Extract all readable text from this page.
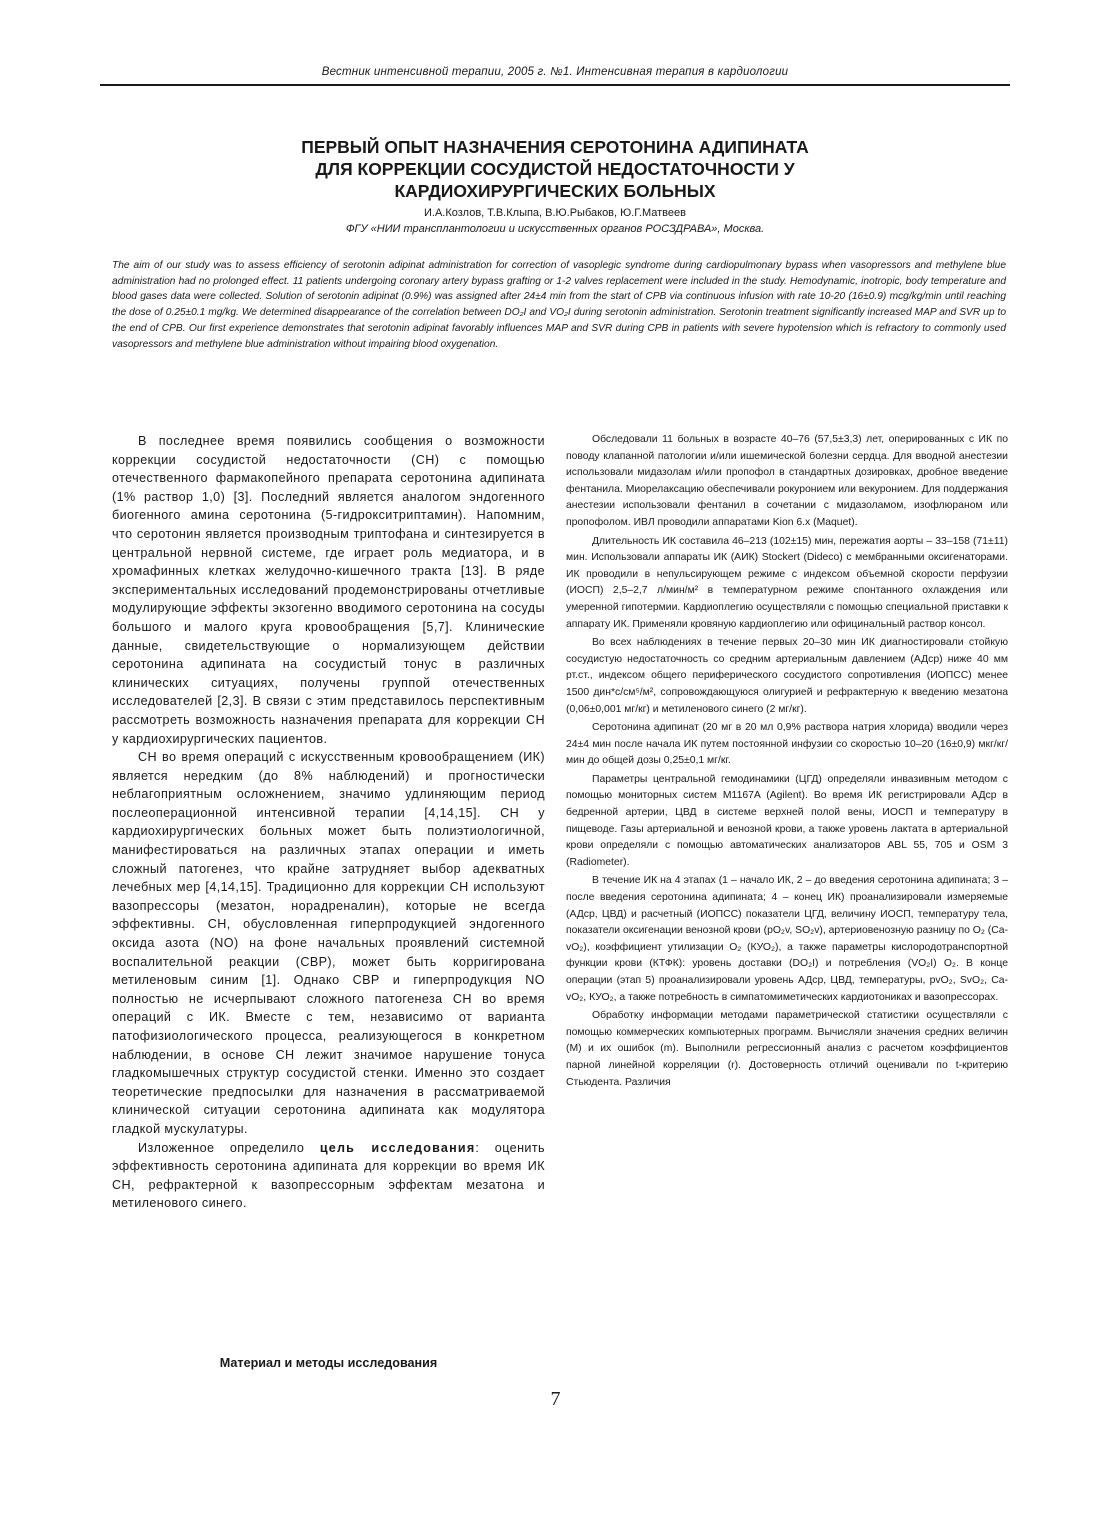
Вестник интенсивной терапии, 2005 г. №1. Интенсивная терапия в кардиологии
ПЕРВЫЙ ОПЫТ НАЗНАЧЕНИЯ СЕРОТОНИНА АДИПИНАТА
ДЛЯ КОРРЕКЦИИ СОСУДИСТОЙ НЕДОСТАТОЧНОСТИ У
КАРДИОХИРУРГИЧЕСКИХ БОЛЬНЫХ
И.А.Козлов, Т.В.Клыпа, В.Ю.Рыбаков, Ю.Г.Матвеев
ФГУ «НИИ трансплантологии и искусственных органов РОСЗДРАВА», Москва.
The aim of our study was to assess efficiency of serotonin adipinat administration for correction of vasoplegic syndrome during cardiopulmonary bypass when vasopressors and methylene blue administration had no prolonged effect. 11 patients undergoing coronary artery bypass grafting or 1-2 valves replacement were included in the study. Hemodynamic, inotropic, body temperature and blood gases data were collected. Solution of serotonin adipinat (0.9%) was assigned after 24±4 min from the start of CPB via continuous infusion with rate 10-20 (16±0.9) mcg/kg/min until reaching the dose of 0.25±0.1 mg/kg. We determined disappearance of the correlation between DO₂I and VO₂I during serotonin administration. Serotonin treatment significantly increased MAP and SVR up to the end of CPB. Our first experience demonstrates that serotonin adipinat favorably influences MAP and SVR during CPB in patients with severe hypotension which is refractory to commonly used vasopressors and methylene blue administration without impairing blood oxygenation.

В последнее время появились сообщения о возможности коррекции сосудистой недостаточности (СН) с помощью отечественного фармакопейного препарата серотонина адипината (1% раствор 1,0) [3]. Последний является аналогом эндогенного биогенного амина серотонина (5-гидрокситриптамин). Напомним, что серотонин является производным триптофана и синтезируется в центральной нервной системе, где играет роль медиатора, и в хромафинных клетках желудочно-кишечного тракта [13]. В ряде экспериментальных исследований продемонстрированы отчетливые модулирующие эффекты экзогенно вводимого серотонина на сосуды большого и малого круга кровообращения [5,7]. Клинические данные, свидетельствующие о нормализующем действии серотонина адипината на сосудистый тонус в различных клинических ситуациях, получены группой отечественных исследователей [2,3]. В связи с этим представилось перспективным рассмотреть возможность назначения препарата для коррекции СН у кардиохирургических пациентов.

СН во время операций с искусственным кровообращением (ИК) является нередким (до 8% наблюдений) и прогностически неблагоприятным осложнением, значимо удлиняющим период послеоперационной интенсивной терапии [4,14,15]. СН у кардиохирургических больных может быть полиэтиологичной, манифестироваться на различных этапах операции и иметь сложный патогенез, что крайне затрудняет выбор адекватных лечебных мер [4,14,15]. Традиционно для коррекции СН используют вазопрессоры (мезатон, норадреналин), которые не всегда эффективны. СН, обусловленная гиперпродукцией эндогенного оксида азота (NO) на фоне начальных проявлений системной воспалительной реакции (СВР), может быть корригирована метиленовым синим [1]. Однако СВР и гиперпродукция NO полностью не исчерпывают сложного патогенеза СН во время операций с ИК. Вместе с тем, независимо от варианта патофизиологического процесса, реализующегося в конкретном наблюдении, в основе СН лежит значимое нарушение тонуса гладкомышечных структур сосудистой стенки. Именно это создает теоретические предпосылки для назначения в рассматриваемой клинической ситуации серотонина адипината как модулятора гладкой мускулатуры.

Изложенное определило цель исследования: оценить эффективность серотонина адипината для коррекции во время ИК СН, рефрактерной к вазопрессорным эффектам мезатона и метиленового синего.

Материал и методы исследования

Обследовали 11 больных в возрасте 40–76 (57,5±3,3) лет, оперированных с ИК по поводу клапанной патологии и/или ишемической болезни сердца. Для вводной анестезии использовали мидазолам и/или пропофол в стандартных дозировках, дробное введение фентанила. Миорелаксацию обеспечивали рокуронием или векуронием. Для поддержания анестезии использовали фентанил в сочетании с мидазоламом, изофлюраном или пропофолом. ИВЛ проводили аппаратами Kion 6.x (Maquet).

Длительность ИК составила 46–213 (102±15) мин, пережатия аорты – 33–158 (71±11) мин. Использовали аппараты ИК (АИК) Stockert (Dideco) с мембранными оксигенаторами. ИК проводили в непульсирующем режиме с индексом объемной скорости перфузии (ИОСП) 2,5–2,7 л/мин/м² в температурном режиме спонтанного охлаждения или умеренной гипотермии. Кардиоплегию осуществляли с помощью специальной приставки к аппарату ИК. Применяли кровяную кардиоплегию или официнальный раствор консол.

Во всех наблюдениях в течение первых 20–30 мин ИК диагностировали стойкую сосудистую недостаточность со средним артериальным давлением (АДср) ниже 40 мм рт.ст., индексом общего периферического сосудистого сопротивления (ИОПСС) менее 1500 дин*с/см⁵/м², сопровождающуюся олигурией и рефрактерную к введению мезатона (0,06±0,001 мг/кг) и метиленового синего (2 мг/кг).

Серотонина адипинат (20 мг в 20 мл 0,9% раствора натрия хлорида) вводили через 24±4 мин после начала ИК путем постоянной инфузии со скоростью 10–20 (16±0,9) мкг/кг/мин до общей дозы 0,25±0,1 мг/кг.

Параметры центральной гемодинамики (ЦГД) определяли инвазивным методом с помощью мониторных систем M1167A (Agilent). Во время ИК регистрировали АДср в бедренной артерии, ЦВД в системе верхней полой вены, ИОСП и температуру в пищеводе. Газы артериальной и венозной крови, а также уровень лактата в артериальной крови определяли с помощью автоматических анализаторов ABL 55, 705 и OSM 3 (Radiometer).

В течение ИК на 4 этапах (1 – начало ИК, 2 – до введения серотонина адипината; 3 – после введения серотонина адипината; 4 – конец ИК) проанализировали измеряемые (АДср, ЦВД) и расчетный (ИОПСС) показатели ЦГД, величину ИОСП, температуру тела, показатели оксигенации венозной крови (pO₂v, SO₂v), артериовенозную разницу по O₂ (Ca-vO₂), коэффициент утилизации O₂ (КУО₂), а также параметры кислородотранспортной функции крови (КТФК): уровень доставки (DO₂I) и потребления (VO₂I) O₂. В конце операции (этап 5) проанализировали уровень АДср, ЦВД, температуры, pvO₂, SvO₂, Ca-vO₂, КУО₂, а также потребность в симпатомиметических кардиотониках и вазопрессорах.

Обработку информации методами параметрической статистики осуществляли с помощью коммерческих компьютерных программ. Вычисляли значения средних величин (M) и их ошибок (m). Выполнили регрессионный анализ с расчетом коэффициентов парной линейной корреляции (r). Достоверность отличий оценивали по t-критерию Стьюдента. Различия

7
